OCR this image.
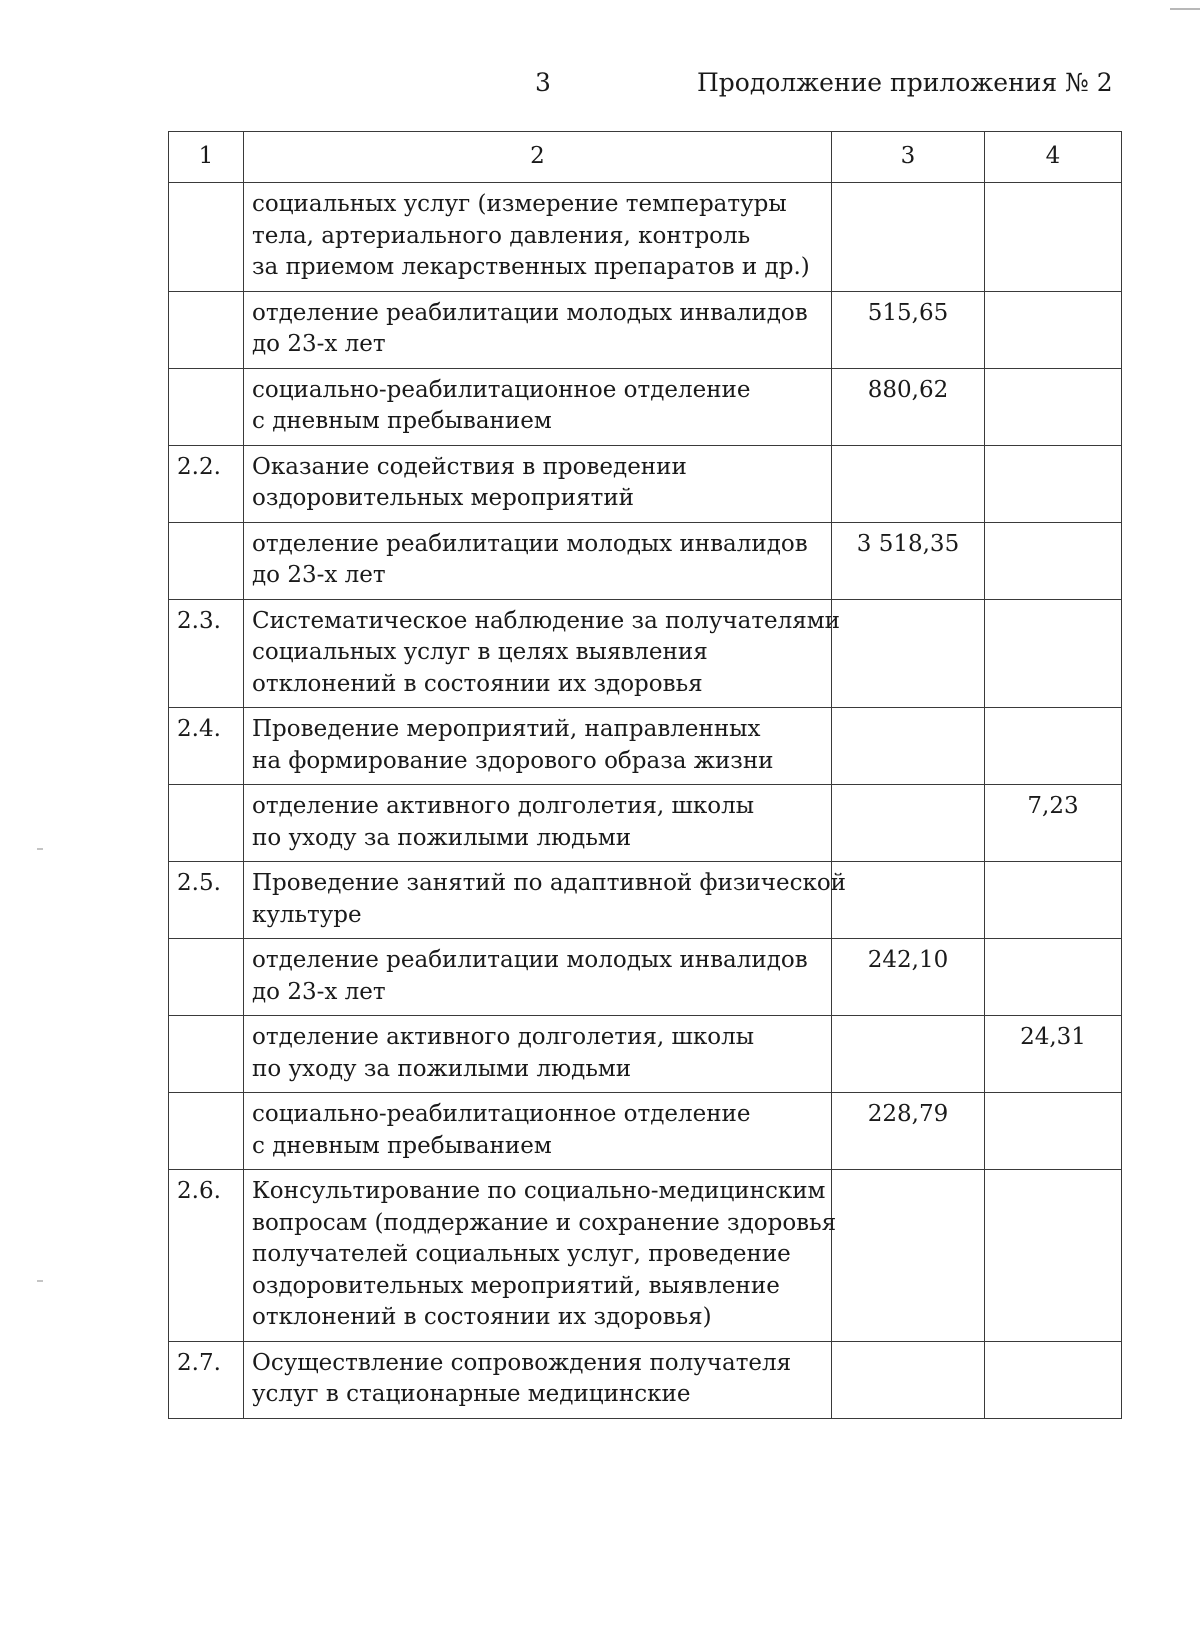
3	Продолжение приложения № 2
1	2	3	4

	социальных услуг (измерение температуры
тела, артериального давления, контроль
за приемом лекарственных препаратов и др.)		

	отделение реабилитации молодых инвалидов
до 23-х лет	515,65	

	социально-реабилитационное отделение
с дневным пребыванием	880,62	
2.2.	Оказание содействия в проведении
оздоровительных мероприятий		

	отделение реабилитации молодых инвалидов
до 23-х лет	3 518,35	
2.3.	Систематическое наблюдение за получателями
социальных услуг в целях выявления
отклонений в состоянии их здоровья		

2.4.	Проведение мероприятий, направленных
на формирование здорового образа жизни		

	отделение активного долголетия, школы
по уходу за пожилыми людьми		7,23
2.5.	Проведение занятий по адаптивной физической
культуре		

	отделение реабилитации молодых инвалидов
до 23-х лет	242,10	

	отделение активного долголетия, школы
по уходу за пожилыми людьми		24,31

	социально-реабилитационное отделение
с дневным пребыванием	228,79	
2.6.	Консультирование по социально-медицинским
вопросам (поддержание и сохранение здоровья
получателей социальных услуг, проведение
оздоровительных мероприятий, выявление
отклонений в состоянии их здоровья)		

2.7.	Осуществление сопровождения получателя
услуг в стационарные медицинские		
